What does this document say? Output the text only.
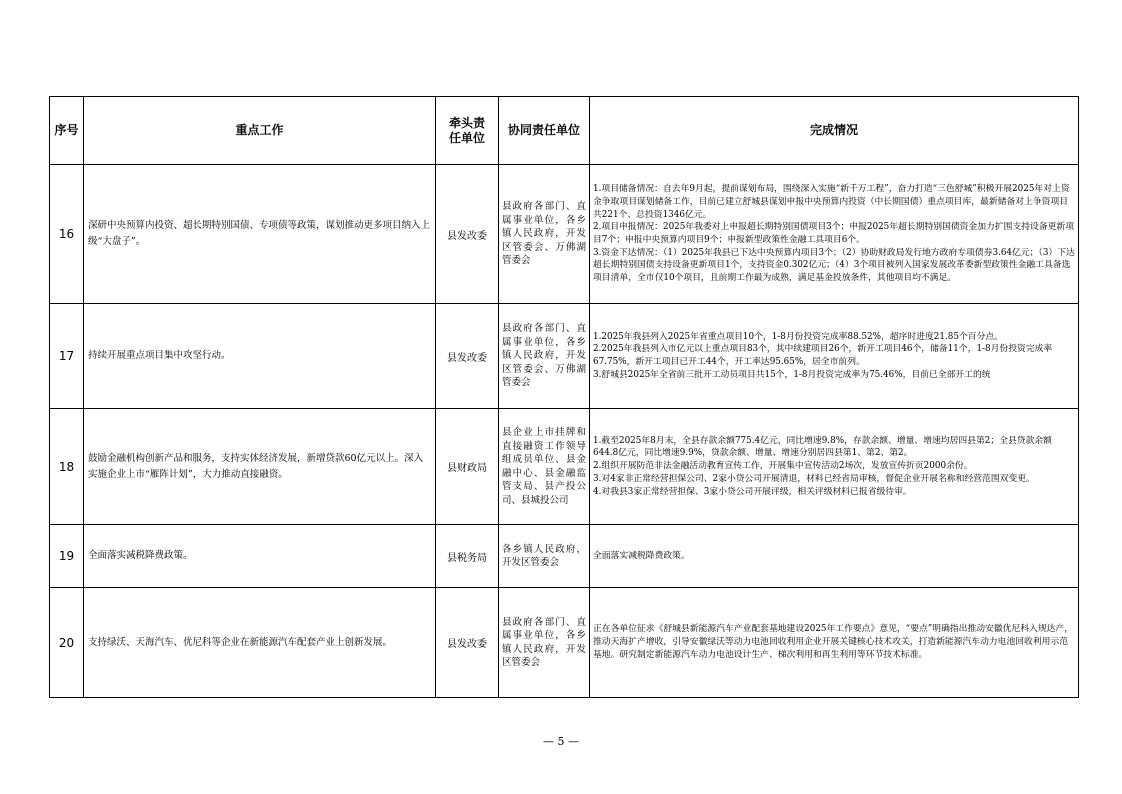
序号	重点工作	牵头责任单位	协同责任单位	完成情况
16	深研中央预算内投资、超长期特别国债、专项债等政策，谋划推动更多项目纳入上级“大盘子”。	县发改委	县政府各部门、直属事业单位，各乡镇人民政府，开发区管委会、万佛湖管委会	1.项目储备情况：自去年9月起，提前谋划布局，围绕深入实施“新千万工程”，奋力打造“三色舒城”积极开展2025年对上资金争取项目谋划储备工作，目前已建立舒城县谋划申报中央预算内投资（中长期国债）重点项目库，最新储备对上争资项目共221个、总投资1346亿元。

2.项目申报情况：2025年我委对上申报超长期特别国债项目3个；申报2025年超长期特别国债资金加力扩围支持设备更新项目7个；申报中央预算内项目9个；申报新型政策性金融工具项目6个。

3.资金下达情况：（1）2025年我县已下达中央预算内项目3个；（2）协助财政局发行地方政府专项债券3.64亿元；（3）下达超长期特别国债支持设备更新项目1个，支持资金0.302亿元；（4）3个项目被列入国家发展改革委新型政策性金融工具备选项目清单，全市仅10个项目，且前期工作最为成熟，满足基金投放条件，其他项目均不满足。

17	持续开展重点项目集中攻坚行动。	县发改委	县政府各部门、直属事业单位，各乡镇人民政府，开发区管委会、万佛湖管委会	1.2025年我县列入2025年省重点项目10个，1-8月份投资完成率88.52%，超序时进度21.85个百分点。

2.2025年我县列入市亿元以上重点项目83个，其中续建项目26个，新开工项目46个，储备11个，1-8月份投资完成率67.75%，新开工项目已开工44个，开工率达95.65%，居全市前列。

3.舒城县2025年全省前三批开工动员项目共15个，1-8月投资完成率为75.46%，目前已全部开工的统

18	鼓励金融机构创新产品和服务，支持实体经济发展，新增贷款60亿元以上。深入实施企业上市“雁阵计划”，大力推动直接融资。	县财政局	县企业上市挂牌和直接融资工作领导组成员单位、县金融中心、县金融监管支局、县产投公司、县城投公司	1.截至2025年8月末，全县存款余额775.4亿元，同比增速9.8%，存款余额、增量、增速均居四县第2；全县贷款余额644.8亿元，同比增速9.9%，贷款余额、增量、增速分别居四县第1、第2、第2。

2.组织开展防范非法金融活动教育宣传工作，开展集中宣传活动2场次，发放宣传折页2000余份。

3.对4家非正常经营担保公司、2家小贷公司开展清退，材料已经省局审核，督促企业开展名称和经营范围双变更。

4.对我县3家正常经营担保、3家小贷公司开展评级，相关评级材料已报省级待审。

19	全面落实减税降费政策。	县税务局	各乡镇人民政府，开发区管委会	全面落实减税降费政策。

20	支持绿沃、天海汽车、优尼科等企业在新能源汽车配套产业上创新发展。	县发改委	县政府各部门、直属事业单位，各乡镇人民政府，开发区管委会	正在各单位征求《舒城县新能源汽车产业配套基地建设2025年工作要点》意见，“要点”明确指出推动安徽优尼科入规达产，推动天海扩产增收，引导安徽绿沃等动力电池回收利用企业开展关键核心技术攻关，打造新能源汽车动力电池回收利用示范基地。研究制定新能源汽车动力电池设计生产、梯次利用和再生利用等环节技术标准。

— 5 —
